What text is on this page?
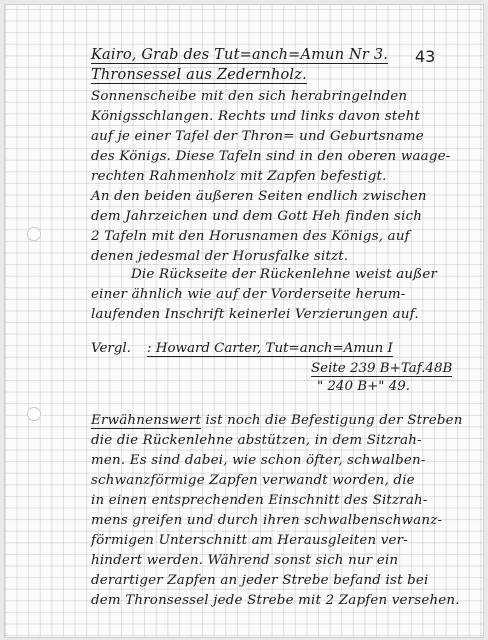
43
Kairo, Grab des Tut=anch=Amun Nr 3.
Thronsessel aus Zedernholz.
Sonnenscheibe mit den sich herabringelnden
Königsschlangen. Rechts und links davon steht
auf je einer Tafel der Thron= und Geburtsname
des Königs. Diese Tafeln sind in den oberen waage-
rechten Rahmenholz mit Zapfen befestigt.
An den beiden äußeren Seiten endlich zwischen
dem Jahrzeichen und dem Gott Heh finden sich
2 Tafeln mit den Horusnamen des Königs, auf
denen jedesmal der Horusfalke sitzt.
Die Rückseite der Rückenlehne weist außer
einer ähnlich wie auf der Vorderseite herum-
laufenden Inschrift keinerlei Verzierungen auf.
Vergl. : Howard Carter, Tut=anch=Amun I
Seite 239 B+Taf.48B
" 240 B+" 49.
Erwähnenswert ist noch die Befestigung der Streben
die die Rückenlehne abstützen, in dem Sitzrah-
men. Es sind dabei, wie schon öfter, schwalben-
schwanzförmige Zapfen verwandt worden, die
in einen entsprechenden Einschnitt des Sitzrah-
mens greifen und durch ihren schwalbenschwanz-
förmigen Unterschnitt am Herausgleiten ver-
hindert werden. Während sonst sich nur ein
derartiger Zapfen an jeder Strebe befand ist bei
dem Thronsessel jede Strebe mit 2 Zapfen versehen.
